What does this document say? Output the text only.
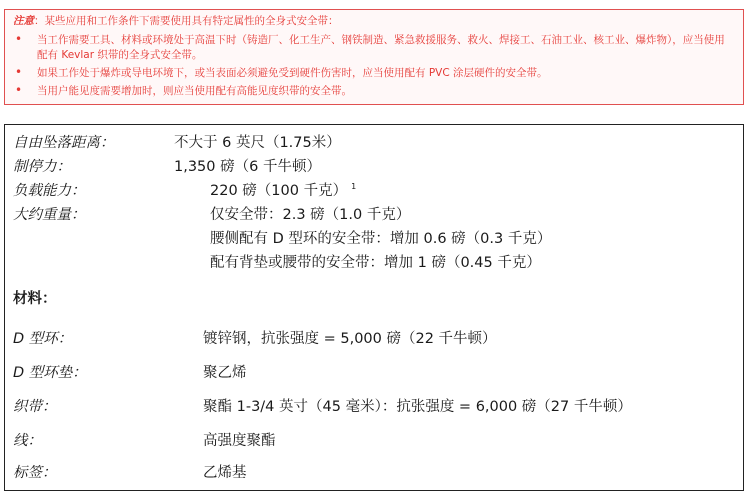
注意：某些应用和工作条件下需要使用具有特定属性的全身式安全带：
• 当工作需要工具、材料或环境处于高温下时（铸造厂、化工生产、钢铁制造、紧急救援服务、救火、焊接工、石油工业、核工业、爆炸物），应当使用配有 Kevlar 织带的全身式安全带。
• 如果工作处于爆炸或导电环境下，或当表面必须避免受到硬件伤害时，应当使用配有 PVC 涂层硬件的安全带。
• 当用户能见度需要增加时，则应当使用配有高能见度织带的安全带。
自由坠落距离：	不大于 6 英尺（1.75米）
制停力：	1,350 磅（6 千牛顿）
负载能力：	220 磅（100 千克） $^1$
大约重量：	仅安全带：2.3 磅（1.0 千克）
腰侧配有 D 型环的安全带：增加 0.6 磅（0.3 千克）
配有背垫或腰带的安全带：增加 1 磅（0.45 千克）
材料：
D 型环：	镀锌钢，抗张强度 = 5,000 磅（22 千牛顿）
D 型环垫：	聚乙烯
织带：	聚酯 1-3/4 英寸（45 毫米）：抗张强度 = 6,000 磅（27 千牛顿）
线：	高强度聚酯
标签：	乙烯基
